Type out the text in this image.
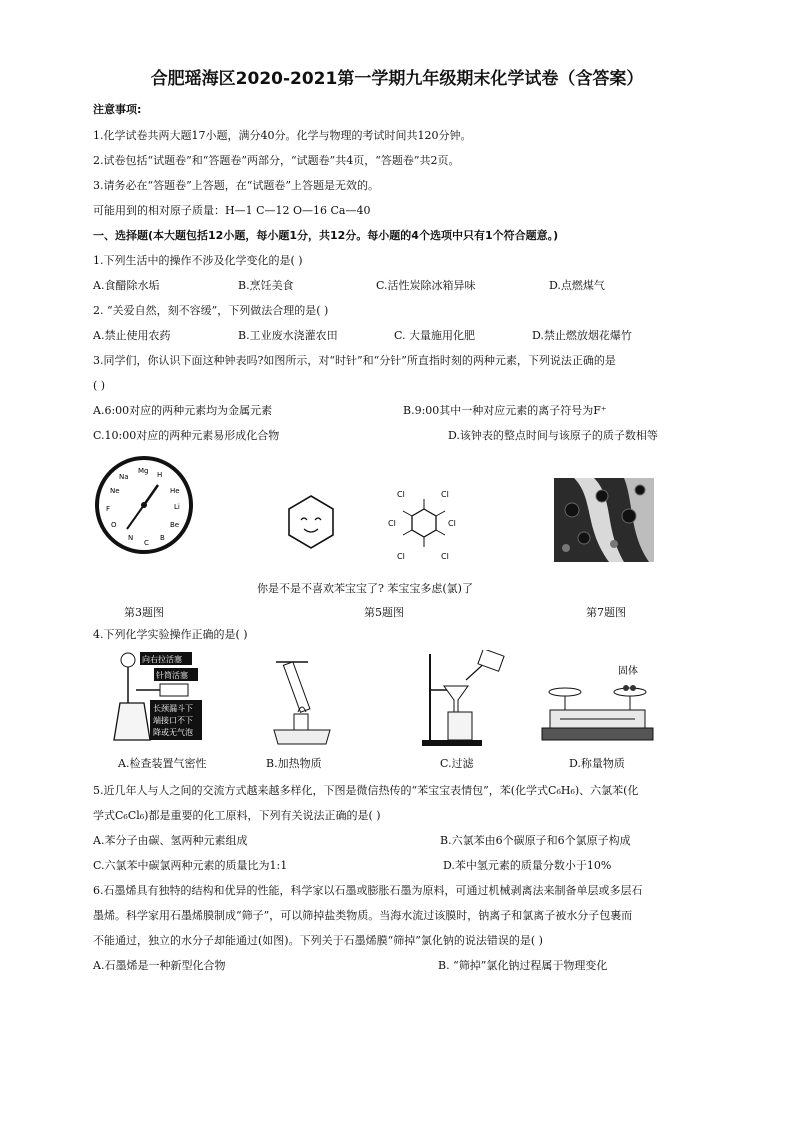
合肥瑶海区2020-2021第一学期九年级期末化学试卷（含答案）
注意事项:
1.化学试卷共两大题17小题，满分40分。化学与物理的考试时间共120分钟。
2.试卷包括“试题卷”和“答题卷”两部分，“试题卷”共4页，“答题卷”共2页。
3.请务必在“答题卷”上答题，在“试题卷”上答题是无效的。
可能用到的相对原子质量：H—1 C—12 O—16 Ca—40
一、选择题(本大题包括12小题，每小题1分，共12分。每小题的4个选项中只有1个符合题意。)
1.下列生活中的操作不涉及化学变化的是( )
A.食醋除水垢	B.烹饪美食	C.活性炭除冰箱异味	D.点燃煤气
2. “关爱自然，刻不容缓”，下列做法合理的是( )
A.禁止使用农药	B.工业废水浇灌农田	C. 大量施用化肥	D.禁止燃放烟花爆竹
3.同学们，你认识下面这种钟表吗?如图所示，对“时针”和“分针”所直指时刻的两种元素，下列说法正确的是
( )
A.6:00对应的两种元素均为金属元素	B.9:00其中一种对应元素的离子符号为F⁺
C.10:00对应的两种元素易形成化合物	D.该钟表的整点时间与该原子的质子数相等
H
He
Li
Be
B
C
N
O
F
Ne
Na
Mg
Cl	Cl
Cl	Cl
Cl	Cl
你是不是不喜欢苯宝宝了? 苯宝宝多虑(氯)了
第3题图	第5题图	第7题图
4.下列化学实验操作正确的是( )
向右拉活塞
针筒活塞
长颈漏斗下
端接口不下
降或无气泡
固体
A.检查装置气密性	B.加热物质	C.过滤	D.称量物质
5.近几年人与人之间的交流方式越来越多样化，下图是微信热传的“苯宝宝表情包”，苯(化学式C₆H₆)、六氯苯(化
学式C₆Cl₆)都是重要的化工原料，下列有关说法正确的是( )
A.苯分子由碳、氢两种元素组成	B.六氯苯由6个碳原子和6个氯原子构成
C.六氯苯中碳氯两种元素的质量比为1:1	D.苯中氢元素的质量分数小于10%
6.石墨烯具有独特的结构和优异的性能，科学家以石墨或膨胀石墨为原料，可通过机械剥离法来制备单层或多层石
墨烯。科学家用石墨烯膜制成“筛子”，可以筛掉盐类物质。当海水流过该膜时，钠离子和氯离子被水分子包裹而
不能通过，独立的水分子却能通过(如图)。下列关于石墨烯膜“筛掉”氯化钠的说法错误的是( )
A.石墨烯是一种新型化合物	B. “筛掉”氯化钠过程属于物理变化
